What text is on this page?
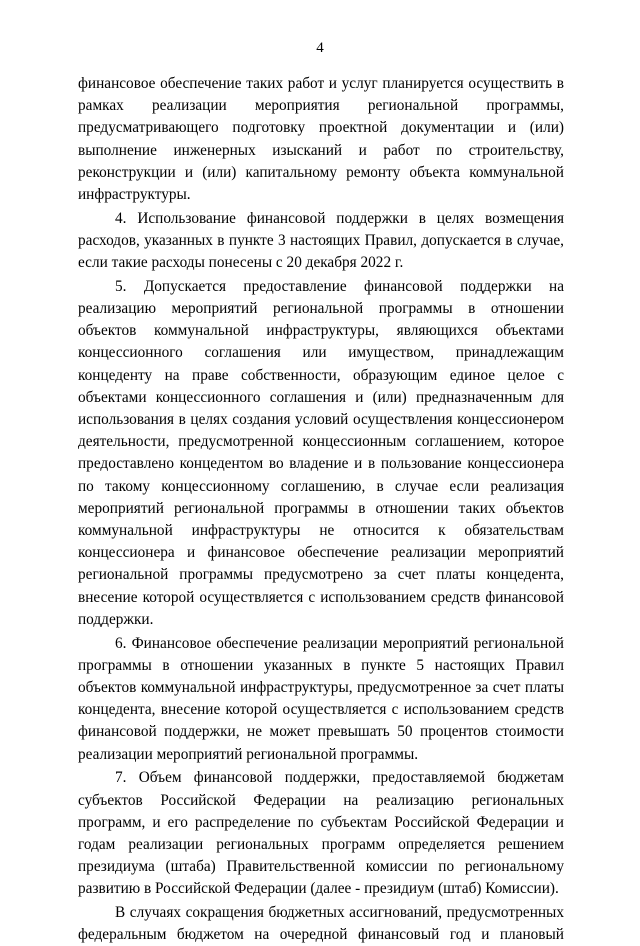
4

финансовое обеспечение таких работ и услуг планируется осуществить в рамках реализации мероприятия региональной программы, предусматривающего подготовку проектной документации и (или) выполнение инженерных изысканий и работ по строительству, реконструкции и (или) капитальному ремонту объекта коммунальной инфраструктуры.

4. Использование финансовой поддержки в целях возмещения расходов, указанных в пункте 3 настоящих Правил, допускается в случае, если такие расходы понесены с 20 декабря 2022 г.

5. Допускается предоставление финансовой поддержки на реализацию мероприятий региональной программы в отношении объектов коммунальной инфраструктуры, являющихся объектами концессионного соглашения или имуществом, принадлежащим концеденту на праве собственности, образующим единое целое с объектами концессионного соглашения и (или) предназначенным для использования в целях создания условий осуществления концессионером деятельности, предусмотренной концессионным соглашением, которое предоставлено концедентом во владение и в пользование концессионера по такому концессионному соглашению, в случае если реализация мероприятий региональной программы в отношении таких объектов коммунальной инфраструктуры не относится к обязательствам концессионера и финансовое обеспечение реализации мероприятий региональной программы предусмотрено за счет платы концедента, внесение которой осуществляется с использованием средств финансовой поддержки.

6. Финансовое обеспечение реализации мероприятий региональной программы в отношении указанных в пункте 5 настоящих Правил объектов коммунальной инфраструктуры, предусмотренное за счет платы концедента, внесение которой осуществляется с использованием средств финансовой поддержки, не может превышать 50 процентов стоимости реализации мероприятий региональной программы.

7. Объем финансовой поддержки, предоставляемой бюджетам субъектов Российской Федерации на реализацию региональных программ, и его распределение по субъектам Российской Федерации и годам реализации региональных программ определяется решением президиума (штаба) Правительственной комиссии по региональному развитию в Российской Федерации (далее - президиум (штаб) Комиссии).

В случаях сокращения бюджетных ассигнований, предусмотренных федеральным бюджетом на очередной финансовый год и плановый
